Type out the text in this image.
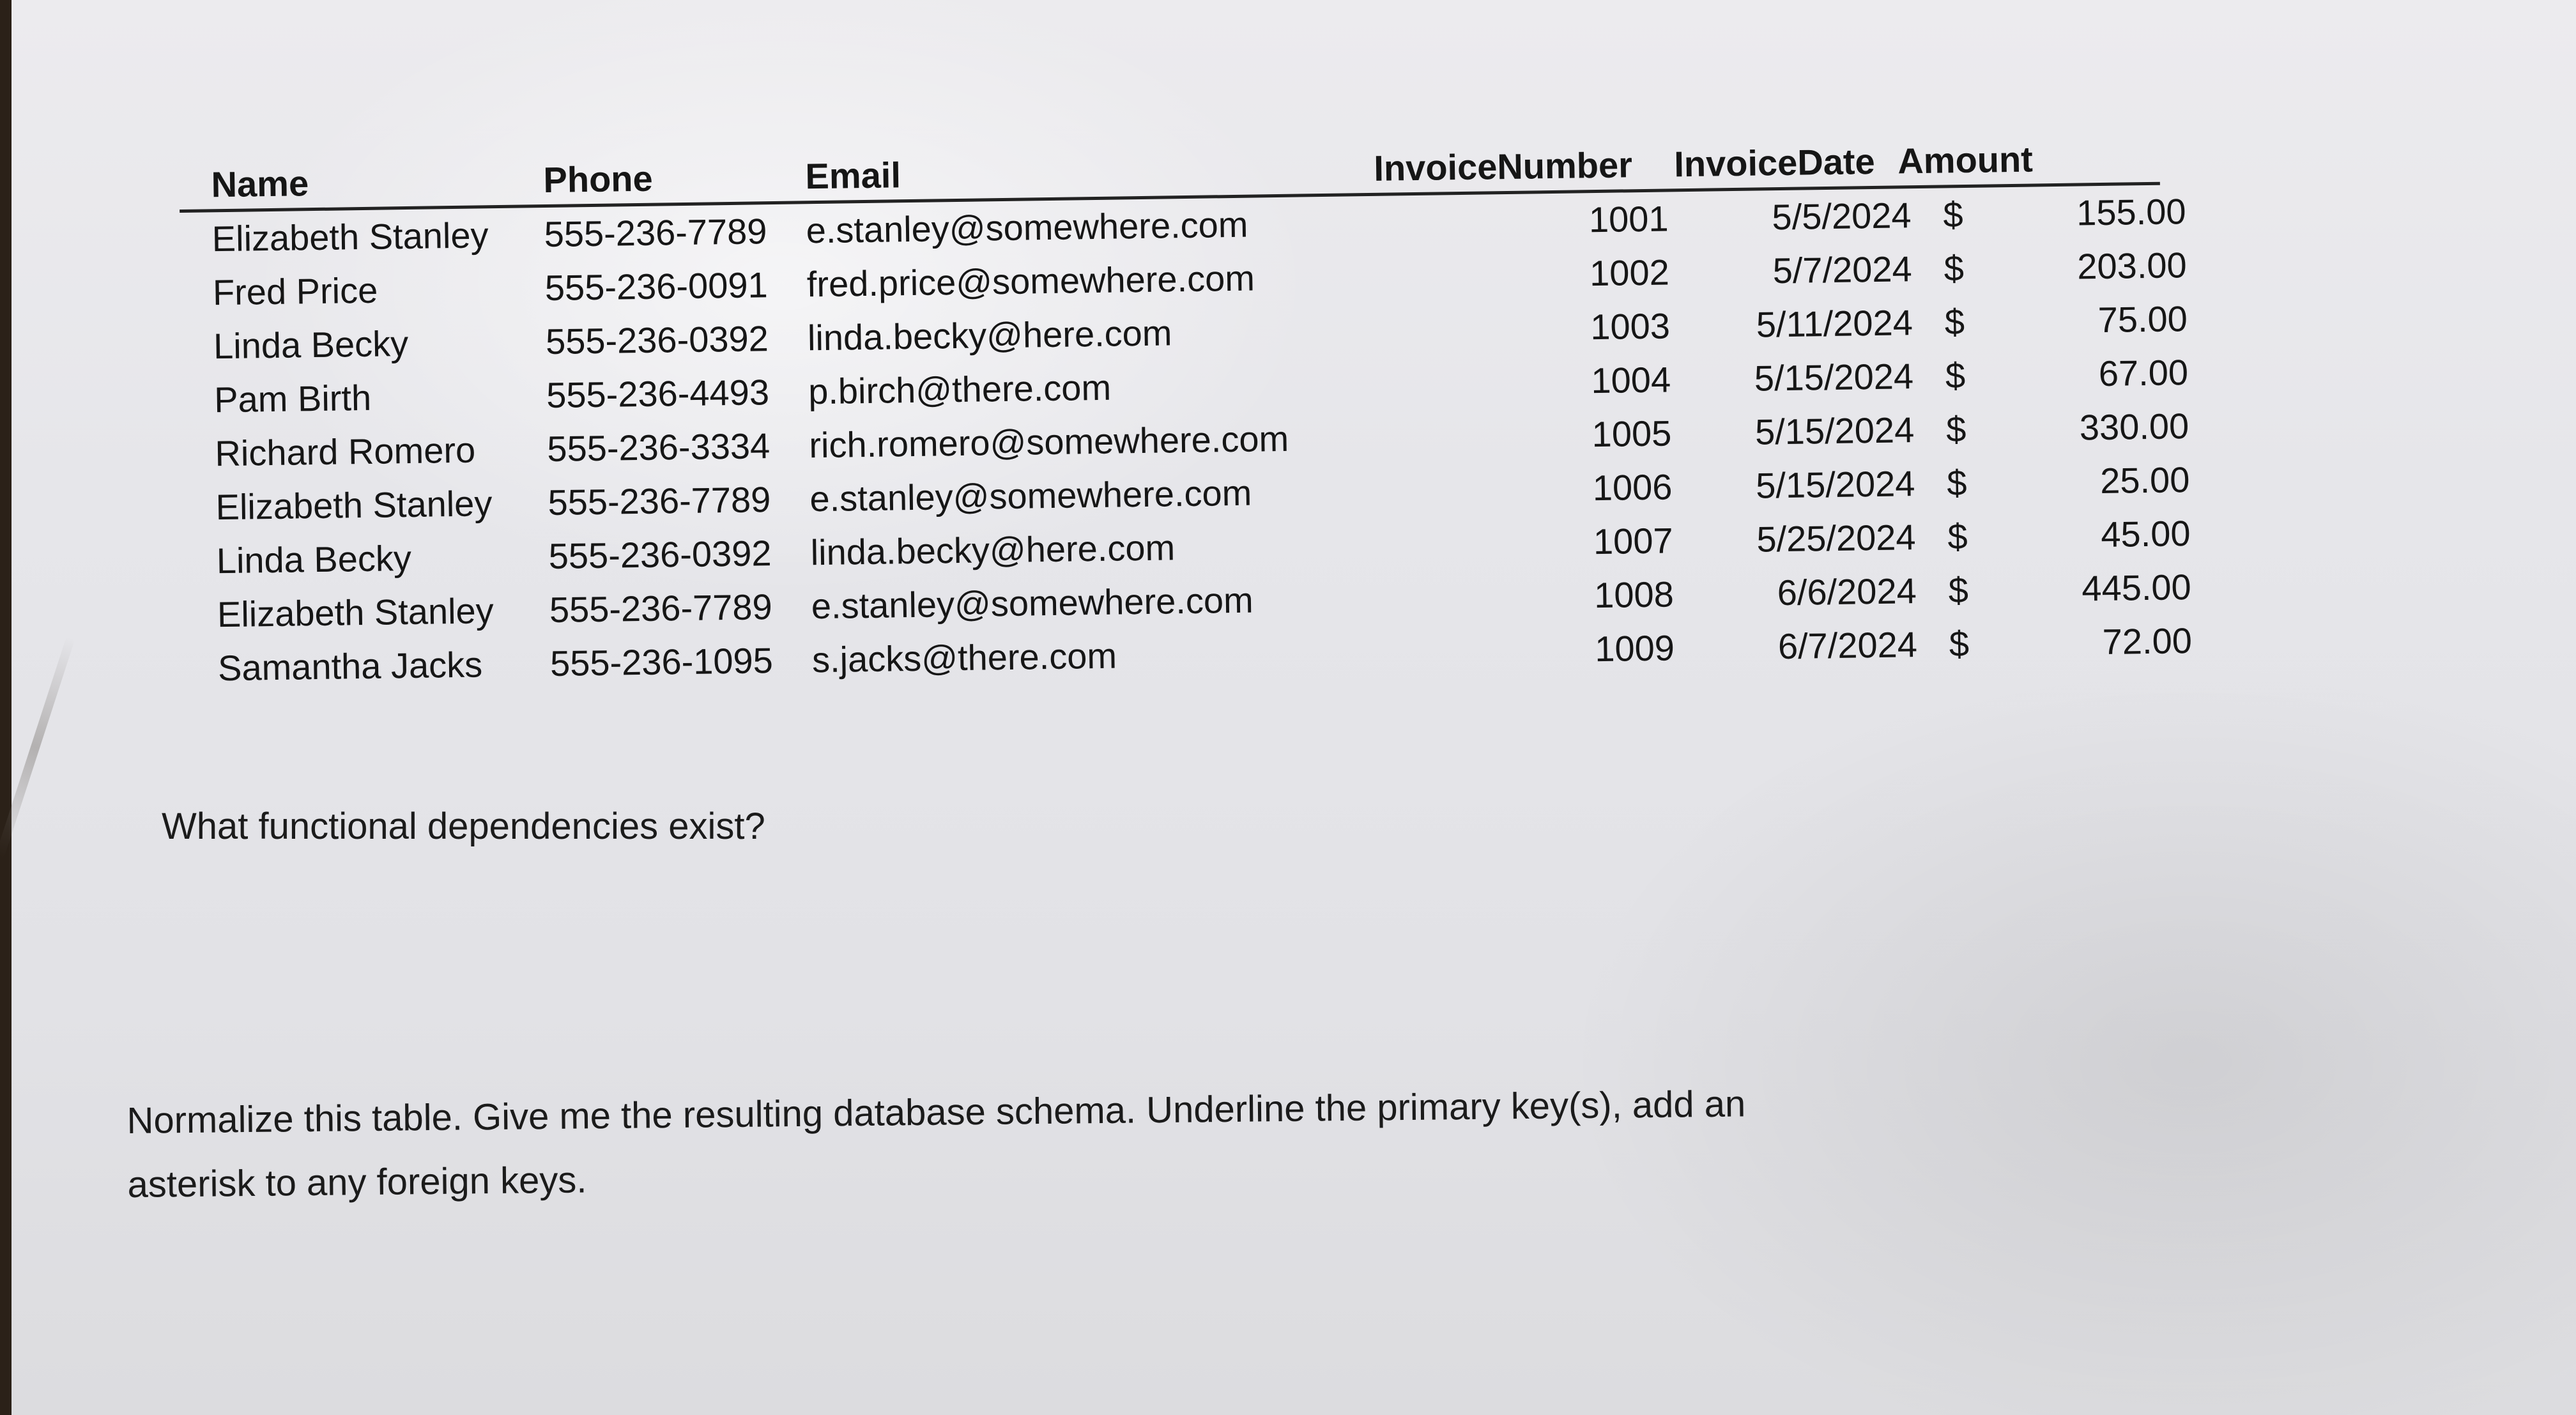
Name	Phone	Email	InvoiceNumber InvoiceDate Amount
Elizabeth Stanley 555-236-7789 e.stanley@somewhere.com	1001	5/5/2024 $	155.00
Fred Price	555-236-0091 fred.price@somewhere.com	1002	5/7/2024 $	203.00
Linda Becky	555-236-0392 linda.becky@here.com	1003	5/11/2024 $	75.00
Pam Birth	555-236-4493 p.birch@there.com	1004	5/15/2024 $	67.00
Richard Romero 555-236-3334 rich.romero@somewhere.com	1005	5/15/2024 $	330.00
Elizabeth Stanley 555-236-7789 e.stanley@somewhere.com	1006	5/15/2024 $	25.00
Linda Becky	555-236-0392 linda.becky@here.com	1007	5/25/2024 $	45.00
Elizabeth Stanley 555-236-7789 e.stanley@somewhere.com	1008	6/6/2024 $	445.00
Samantha Jacks 555-236-1095 s.jacks@there.com	1009	6/7/2024 $	72.00
What functional dependencies exist?
Normalize this table. Give me the resulting database schema. Underline the primary key(s), add an
asterisk to any foreign keys.
